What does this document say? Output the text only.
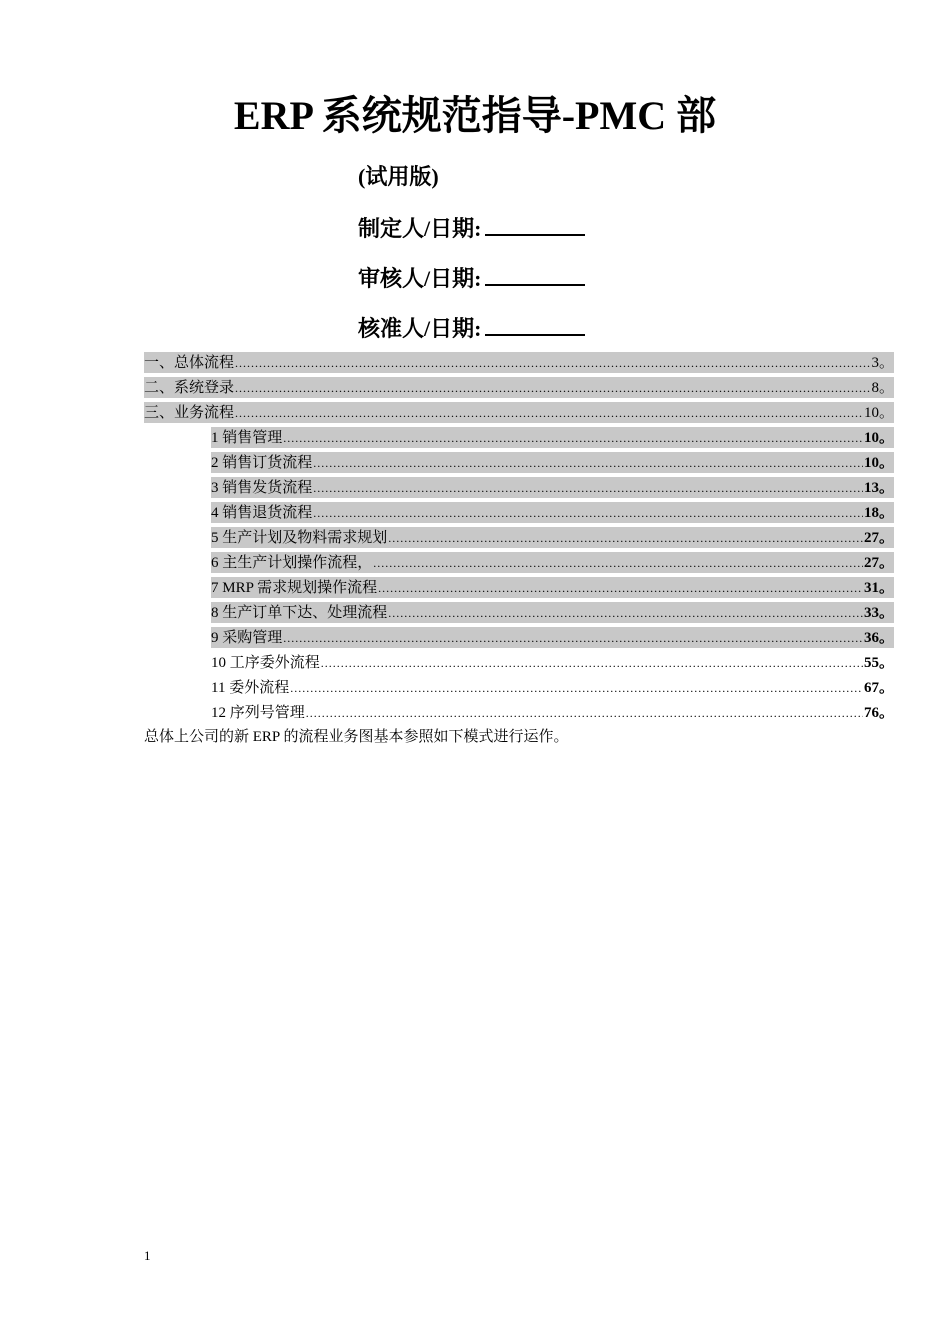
ERP 系统规范指导-PMC 部
(试用版)
制定人/日期:
审核人/日期:
核准人/日期:
一、总体流程 .....	3。
二、系统登录 .....	8。
三、业务流程 .....	10。
1 销售管理 .....	10。
2 销售订货流程 .....	10。
3 销售发货流程 .....	13。
4 销售退货流程 .....	18。
5 生产计划及物料需求规划 .....	27。
6 主生产计划操作流程， .....	27。
7 MRP 需求规划操作流程 .....	31。
8 生产订单下达、处理流程 .....	33。
9 采购管理 .....	36。
10 工序委外流程 .....	55。
11 委外流程 .....	67。
12 序列号管理 .....	76。
总体上公司的新 ERP 的流程业务图基本参照如下模式进行运作。
1
